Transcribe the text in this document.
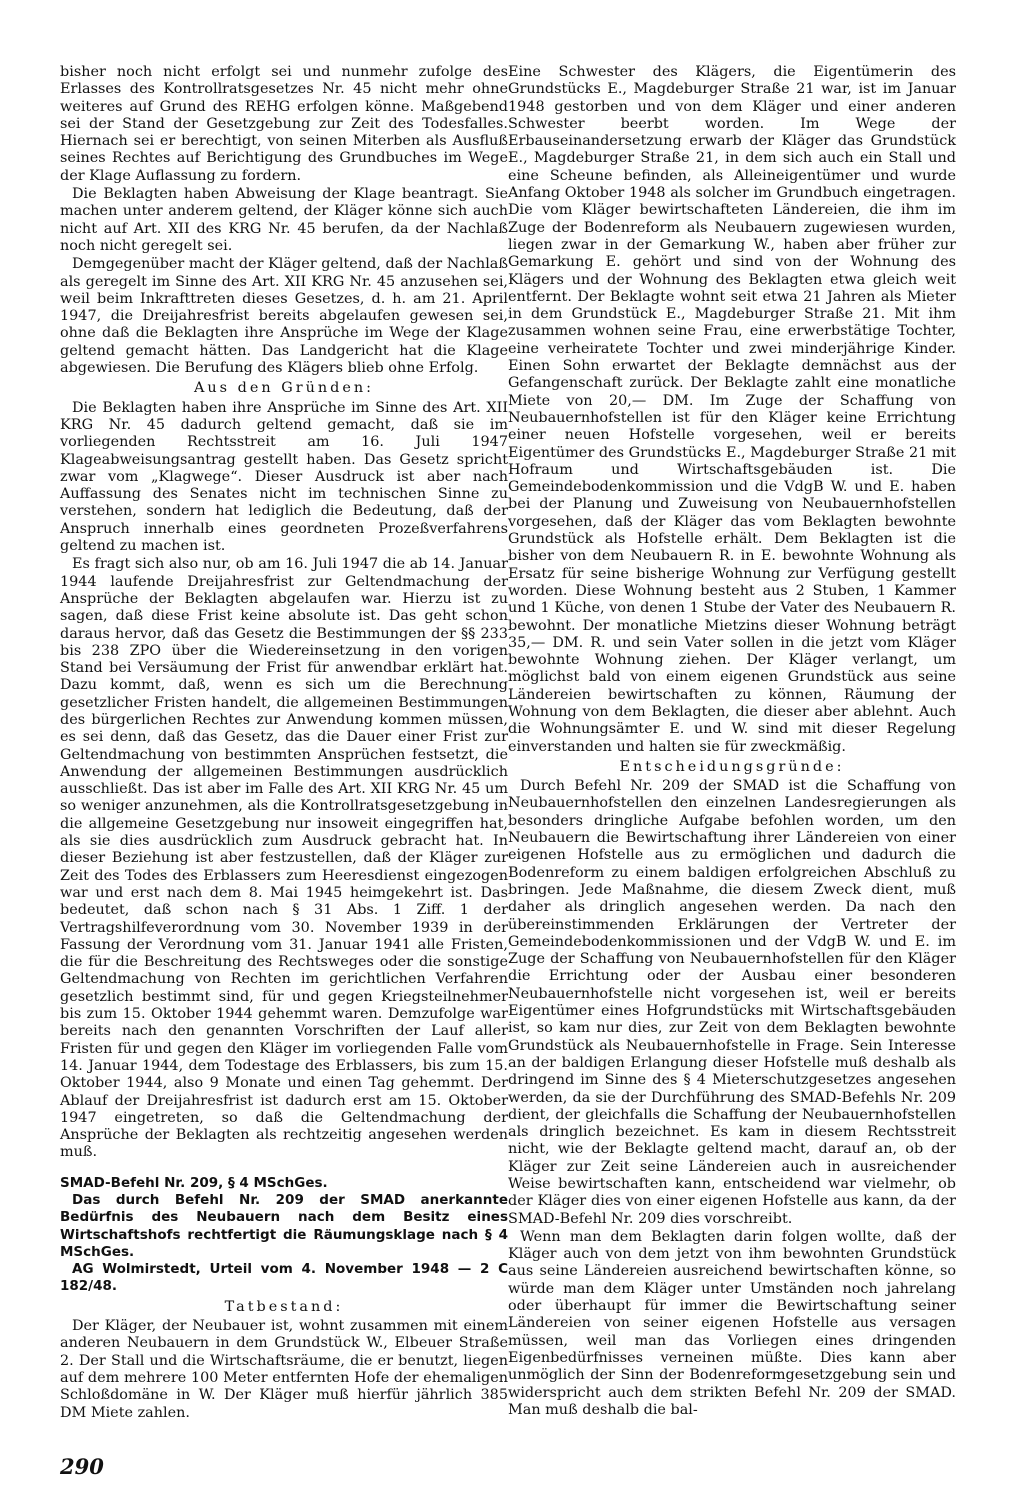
bisher noch nicht erfolgt sei und nunmehr zufolge des Erlasses des Kontrollratsgesetzes Nr. 45 nicht mehr ohne weiteres auf Grund des REHG erfolgen könne. Maßgebend sei der Stand der Gesetzgebung zur Zeit des Todesfalles. Hiernach sei er berechtigt, von seinen Miterben als Ausfluß seines Rechtes auf Berichtigung des Grundbuches im Wege der Klage Auflassung zu fordern.

Die Beklagten haben Abweisung der Klage beantragt. Sie machen unter anderem geltend, der Kläger könne sich auch nicht auf Art. XII des KRG Nr. 45 berufen, da der Nachlaß noch nicht geregelt sei.

Demgegenüber macht der Kläger geltend, daß der Nachlaß als geregelt im Sinne des Art. XII KRG Nr. 45 anzusehen sei, weil beim Inkrafttreten dieses Gesetzes, d. h. am 21. April 1947, die Dreijahresfrist bereits abgelaufen gewesen sei, ohne daß die Beklagten ihre Ansprüche im Wege der Klage geltend gemacht hätten. Das Landgericht hat die Klage abgewiesen. Die Berufung des Klägers blieb ohne Erfolg.

Aus den Gründen:

Die Beklagten haben ihre Ansprüche im Sinne des Art. XII KRG Nr. 45 dadurch geltend gemacht, daß sie im vorliegenden Rechtsstreit am 16. Juli 1947 Klageabweisungsantrag gestellt haben. Das Gesetz spricht zwar vom „Klagwege“. Dieser Ausdruck ist aber nach Auffassung des Senates nicht im technischen Sinne zu verstehen, sondern hat lediglich die Bedeutung, daß der Anspruch innerhalb eines geordneten Prozeßverfahrens geltend zu machen ist.

Es fragt sich also nur, ob am 16. Juli 1947 die ab 14. Januar 1944 laufende Dreijahresfrist zur Geltendmachung der Ansprüche der Beklagten abgelaufen war. Hierzu ist zu sagen, daß diese Frist keine absolute ist. Das geht schon daraus hervor, daß das Gesetz die Bestimmungen der §§ 233 bis 238 ZPO über die Wiedereinsetzung in den vorigen Stand bei Versäumung der Frist für anwendbar erklärt hat. Dazu kommt, daß, wenn es sich um die Berechnung gesetzlicher Fristen handelt, die allgemeinen Bestimmungen des bürgerlichen Rechtes zur Anwendung kommen müssen, es sei denn, daß das Gesetz, das die Dauer einer Frist zur Geltendmachung von bestimmten Ansprüchen festsetzt, die Anwendung der allgemeinen Bestimmungen ausdrücklich ausschließt. Das ist aber im Falle des Art. XII KRG Nr. 45 um so weniger anzunehmen, als die Kontrollratsgesetzgebung in die allgemeine Gesetzgebung nur insoweit eingegriffen hat, als sie dies ausdrücklich zum Ausdruck gebracht hat. In dieser Beziehung ist aber festzustellen, daß der Kläger zur Zeit des Todes des Erblassers zum Heeresdienst eingezogen war und erst nach dem 8. Mai 1945 heimgekehrt ist. Das bedeutet, daß schon nach § 31 Abs. 1 Ziff. 1 der Vertragshilfeverordnung vom 30. November 1939 in der Fassung der Verordnung vom 31. Januar 1941 alle Fristen, die für die Beschreitung des Rechtsweges oder die sonstige Geltendmachung von Rechten im gerichtlichen Verfahren gesetzlich bestimmt sind, für und gegen Kriegsteilnehmer bis zum 15. Oktober 1944 gehemmt waren. Demzufolge war bereits nach den genannten Vorschriften der Lauf aller Fristen für und gegen den Kläger im vorliegenden Falle vom 14. Januar 1944, dem Todestage des Erblassers, bis zum 15. Oktober 1944, also 9 Monate und einen Tag gehemmt. Der Ablauf der Dreijahresfrist ist dadurch erst am 15. Oktober 1947 eingetreten, so daß die Geltendmachung der Ansprüche der Beklagten als rechtzeitig angesehen werden muß.

SMAD-Befehl Nr. 209, § 4 MSchGes.

Das durch Befehl Nr. 209 der SMAD anerkannte Bedürfnis des Neubauern nach dem Besitz eines Wirtschaftshofs rechtfertigt die Räumungsklage nach § 4 MSchGes.

AG Wolmirstedt, Urteil vom 4. November 1948 — 2 C 182/48.

Tatbestand:

Der Kläger, der Neubauer ist, wohnt zusammen mit einem anderen Neubauern in dem Grundstück W., Elbeuer Straße 2. Der Stall und die Wirtschaftsräume, die er benutzt, liegen auf dem mehrere 100 Meter entfernten Hofe der ehemaligen Schloßdomäne in W. Der Kläger muß hierfür jährlich 385 DM Miete zahlen.

Eine Schwester des Klägers, die Eigentümerin des Grundstücks E., Magdeburger Straße 21 war, ist im Januar 1948 gestorben und von dem Kläger und einer anderen Schwester beerbt worden. Im Wege der Erbauseinandersetzung erwarb der Kläger das Grundstück E., Magdeburger Straße 21, in dem sich auch ein Stall und eine Scheune befinden, als Alleineigentümer und wurde Anfang Oktober 1948 als solcher im Grundbuch eingetragen. Die vom Kläger bewirtschafteten Ländereien, die ihm im Zuge der Bodenreform als Neubauern zugewiesen wurden, liegen zwar in der Gemarkung W., haben aber früher zur Gemarkung E. gehört und sind von der Wohnung des Klägers und der Wohnung des Beklagten etwa gleich weit entfernt. Der Beklagte wohnt seit etwa 21 Jahren als Mieter in dem Grundstück E., Magdeburger Straße 21. Mit ihm zusammen wohnen seine Frau, eine erwerbstätige Tochter, eine verheiratete Tochter und zwei minderjährige Kinder. Einen Sohn erwartet der Beklagte demnächst aus der Gefangenschaft zurück. Der Beklagte zahlt eine monatliche Miete von 20,— DM. Im Zuge der Schaffung von Neubauernhofstellen ist für den Kläger keine Errichtung einer neuen Hofstelle vorgesehen, weil er bereits Eigentümer des Grundstücks E., Magdeburger Straße 21 mit Hofraum und Wirtschaftsgebäuden ist. Die Gemeindebodenkommission und die VdgB W. und E. haben bei der Planung und Zuweisung von Neubauernhofstellen vorgesehen, daß der Kläger das vom Beklagten bewohnte Grundstück als Hofstelle erhält. Dem Beklagten ist die bisher von dem Neubauern R. in E. bewohnte Wohnung als Ersatz für seine bisherige Wohnung zur Verfügung gestellt worden. Diese Wohnung besteht aus 2 Stuben, 1 Kammer und 1 Küche, von denen 1 Stube der Vater des Neubauern R. bewohnt. Der monatliche Mietzins dieser Wohnung beträgt 35,— DM. R. und sein Vater sollen in die jetzt vom Kläger bewohnte Wohnung ziehen. Der Kläger verlangt, um möglichst bald von einem eigenen Grundstück aus seine Ländereien bewirtschaften zu können, Räumung der Wohnung von dem Beklagten, die dieser aber ablehnt. Auch die Wohnungsämter E. und W. sind mit dieser Regelung einverstanden und halten sie für zweckmäßig.

Entscheidungsgründe:

Durch Befehl Nr. 209 der SMAD ist die Schaffung von Neubauernhofstellen den einzelnen Landesregierungen als besonders dringliche Aufgabe befohlen worden, um den Neubauern die Bewirtschaftung ihrer Ländereien von einer eigenen Hofstelle aus zu ermöglichen und dadurch die Bodenreform zu einem baldigen erfolgreichen Abschluß zu bringen. Jede Maßnahme, die diesem Zweck dient, muß daher als dringlich angesehen werden. Da nach den übereinstimmenden Erklärungen der Vertreter der Gemeindebodenkommissionen und der VdgB W. und E. im Zuge der Schaffung von Neubauernhofstellen für den Kläger die Errichtung oder der Ausbau einer besonderen Neubauernhofstelle nicht vorgesehen ist, weil er bereits Eigentümer eines Hofgrundstücks mit Wirtschaftsgebäuden ist, so kam nur dies, zur Zeit von dem Beklagten bewohnte Grundstück als Neubauernhofstelle in Frage. Sein Interesse an der baldigen Erlangung dieser Hofstelle muß deshalb als dringend im Sinne des § 4 Mieterschutzgesetzes angesehen werden, da sie der Durchführung des SMAD-Befehls Nr. 209 dient, der gleichfalls die Schaffung der Neubauernhofstellen als dringlich bezeichnet. Es kam in diesem Rechtsstreit nicht, wie der Beklagte geltend macht, darauf an, ob der Kläger zur Zeit seine Ländereien auch in ausreichender Weise bewirtschaften kann, entscheidend war vielmehr, ob der Kläger dies von einer eigenen Hofstelle aus kann, da der SMAD-Befehl Nr. 209 dies vorschreibt.

Wenn man dem Beklagten darin folgen wollte, daß der Kläger auch von dem jetzt von ihm bewohnten Grundstück aus seine Ländereien ausreichend bewirtschaften könne, so würde man dem Kläger unter Umständen noch jahrelang oder überhaupt für immer die Bewirtschaftung seiner Ländereien von seiner eigenen Hofstelle aus versagen müssen, weil man das Vorliegen eines dringenden Eigenbedürfnisses verneinen müßte. Dies kann aber unmöglich der Sinn der Bodenreformgesetzgebung sein und widerspricht auch dem strikten Befehl Nr. 209 der SMAD. Man muß deshalb die bal-

290
